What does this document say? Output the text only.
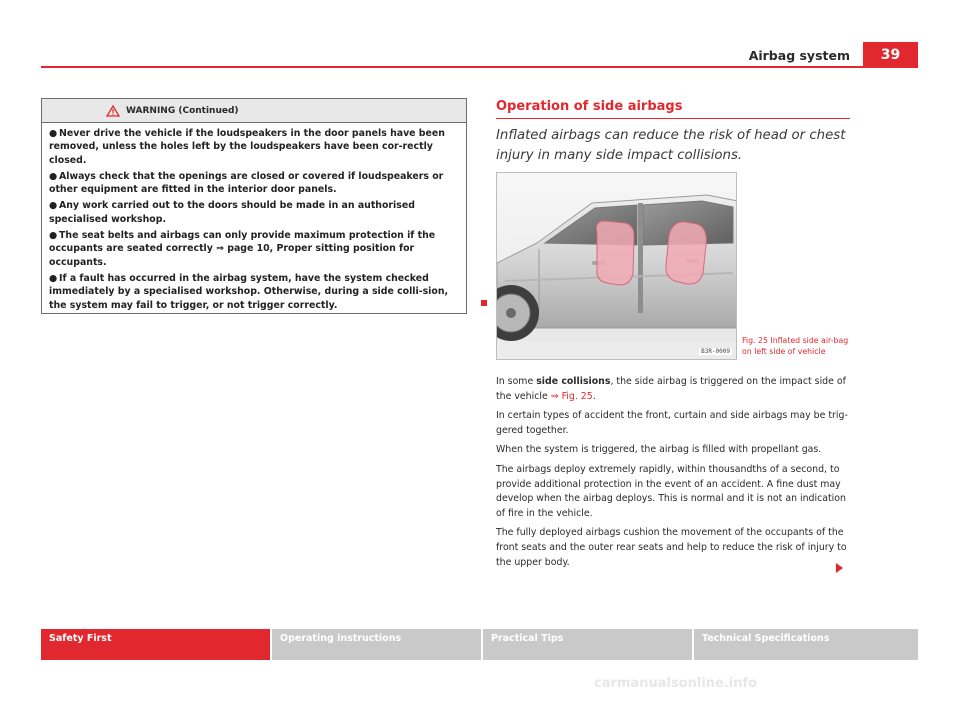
Airbag system	39
WARNING (Continued)
● Never drive the vehicle if the loudspeakers in the door panels have been removed, unless the holes left by the loudspeakers have been cor-rectly closed.
● Always check that the openings are closed or covered if loudspeakers or other equipment are fitted in the interior door panels.
● Any work carried out to the doors should be made in an authorised specialised workshop.
● The seat belts and airbags can only provide maximum protection if the occupants are seated correctly ⇒ page 10, Proper sitting position for occupants.
● If a fault has occurred in the airbag system, have the system checked immediately by a specialised workshop. Otherwise, during a side colli-sion, the system may fail to trigger, or not trigger correctly.
Operation of side airbags
Inflated airbags can reduce the risk of head or chest injury in many side impact collisions.
B3R-0009
Fig. 25 Inflated side air-bag on left side of vehicle

In some side collisions, the side airbag is triggered on the impact side of the vehicle ⇒ Fig. 25.

In certain types of accident the front, curtain and side airbags may be trig-gered together.

When the system is triggered, the airbag is filled with propellant gas.

The airbags deploy extremely rapidly, within thousandths of a second, to provide additional protection in the event of an accident. A fine dust may develop when the airbag deploys. This is normal and it is not an indication of fire in the vehicle.

The fully deployed airbags cushion the movement of the occupants of the front seats and the outer rear seats and help to reduce the risk of injury to the upper body.

Safety First	Operating instructions	Practical Tips	Technical Specifications
carmanualsonline.info
